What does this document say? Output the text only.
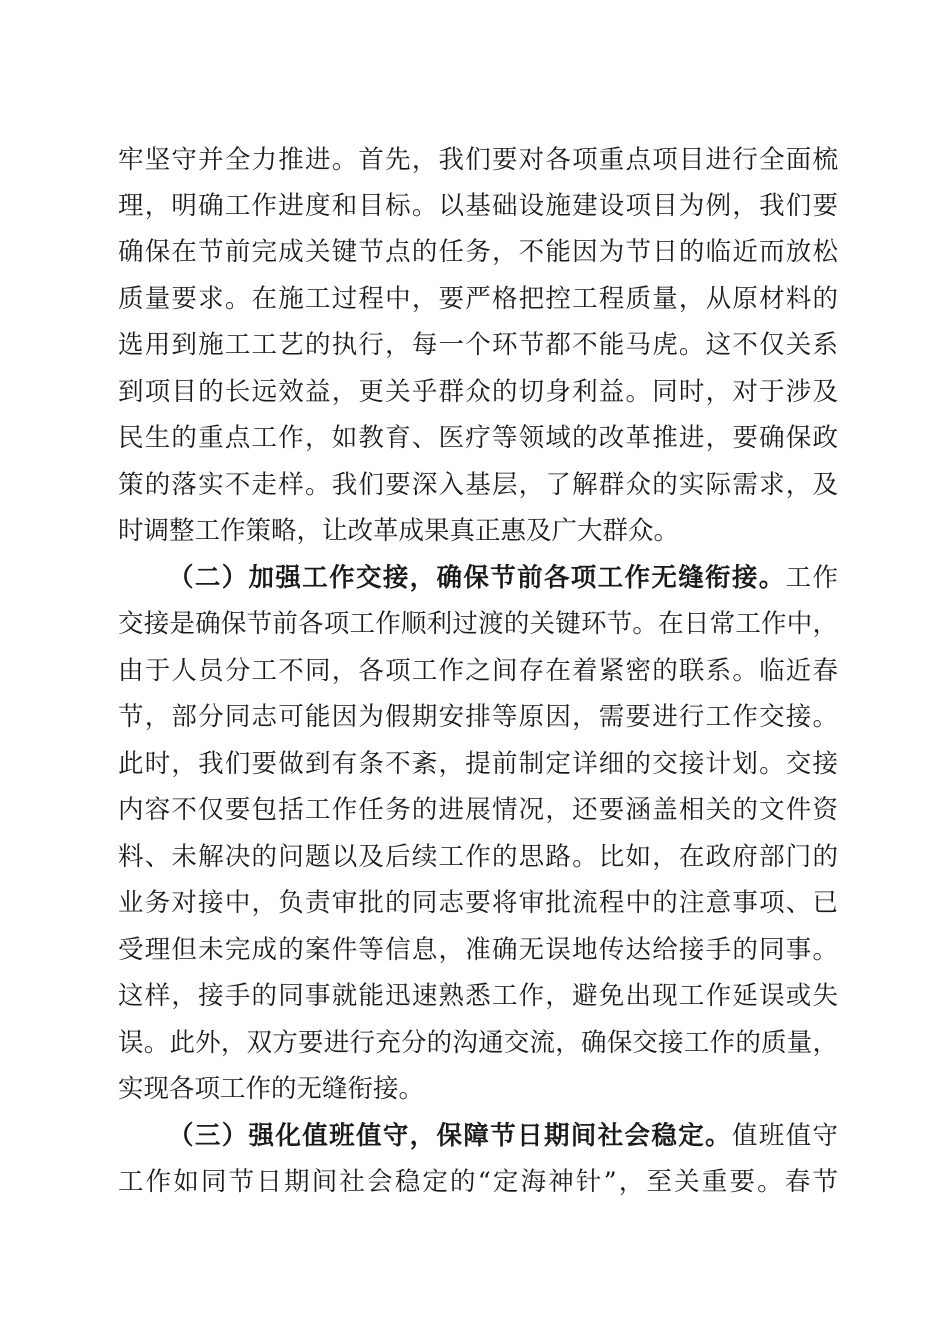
牢坚守并全力推进。首先，我们要对各项重点项目进行全面梳
理，明确工作进度和目标。以基础设施建设项目为例，我们要
确保在节前完成关键节点的任务，不能因为节日的临近而放松
质量要求。在施工过程中，要严格把控工程质量，从原材料的
选用到施工工艺的执行，每一个环节都不能马虎。这不仅关系
到项目的长远效益，更关乎群众的切身利益。同时，对于涉及
民生的重点工作，如教育、医疗等领域的改革推进，要确保政
策的落实不走样。我们要深入基层，了解群众的实际需求，及
时调整工作策略，让改革成果真正惠及广大群众。
（二）加强工作交接，确保节前各项工作无缝衔接。工作
交接是确保节前各项工作顺利过渡的关键环节。在日常工作中，
由于人员分工不同，各项工作之间存在着紧密的联系。临近春
节，部分同志可能因为假期安排等原因，需要进行工作交接。
此时，我们要做到有条不紊，提前制定详细的交接计划。交接
内容不仅要包括工作任务的进展情况，还要涵盖相关的文件资
料、未解决的问题以及后续工作的思路。比如，在政府部门的
业务对接中，负责审批的同志要将审批流程中的注意事项、已
受理但未完成的案件等信息，准确无误地传达给接手的同事。
这样，接手的同事就能迅速熟悉工作，避免出现工作延误或失
误。此外，双方要进行充分的沟通交流，确保交接工作的质量，
实现各项工作的无缝衔接。
（三）强化值班值守，保障节日期间社会稳定。值班值守
工作如同节日期间社会稳定的“定海神针”，至关重要。春节
